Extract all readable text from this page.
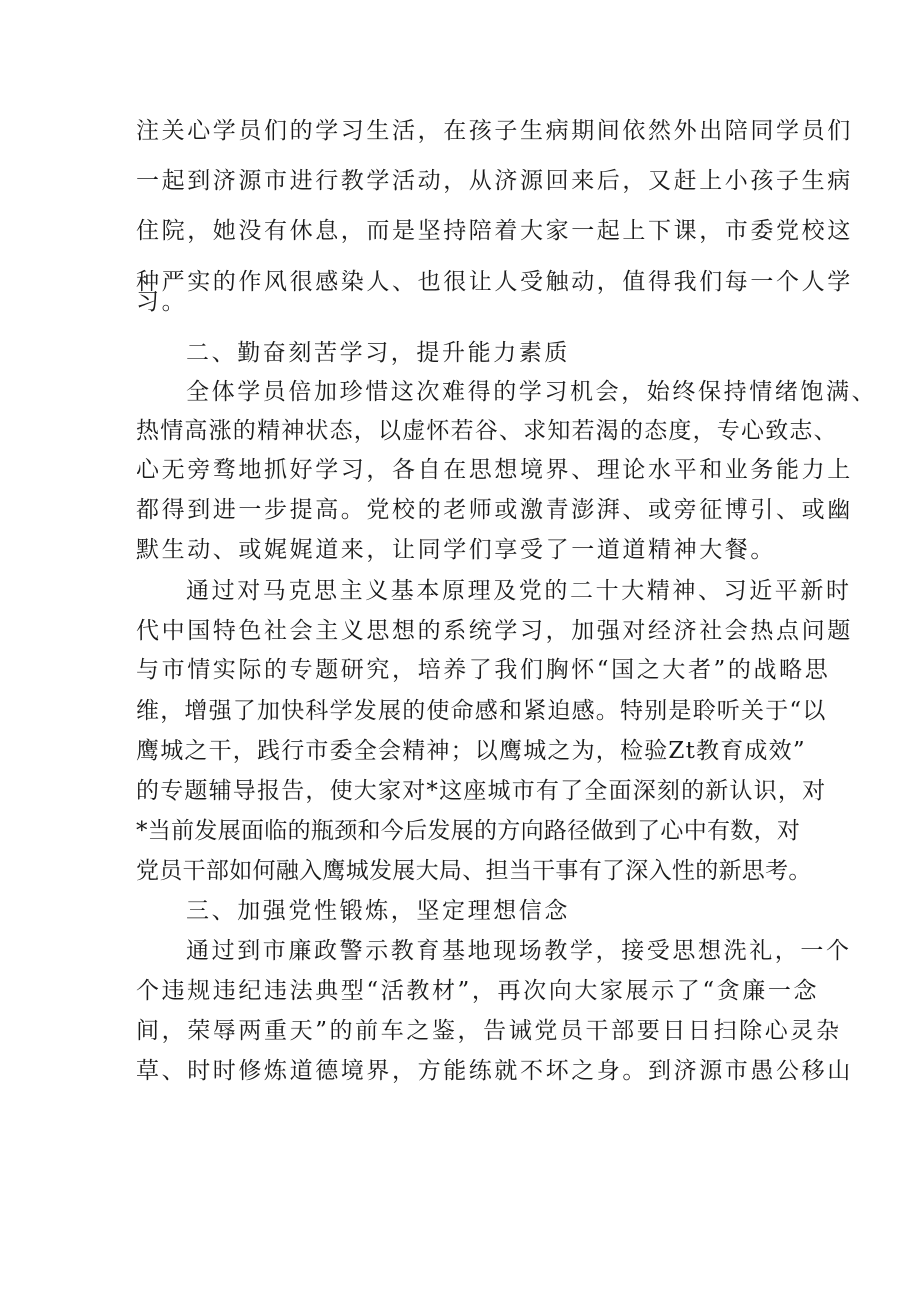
注关心学员们的学习生活，在孩子生病期间依然外出陪同学员们
一起到济源市进行教学活动，从济源回来后，又赶上小孩子生病
住院，她没有休息，而是坚持陪着大家一起上下课，市委党校这
种严实的作风很感染人、也很让人受触动，值得我们每一个人学
习。
二、勤奋刻苦学习，提升能力素质
全体学员倍加珍惜这次难得的学习机会，始终保持情绪饱满、
热情高涨的精神状态，以虚怀若谷、求知若渴的态度，专心致志、
心无旁骛地抓好学习，各自在思想境界、理论水平和业务能力上
都得到进一步提高。党校的老师或激青澎湃、或旁征博引、或幽
默生动、或娓娓道来，让同学们享受了一道道精神大餐。
通过对马克思主义基本原理及党的二十大精神、习近平新时
代中国特色社会主义思想的系统学习，加强对经济社会热点问题
与市情实际的专题研究，培养了我们胸怀“国之大者”的战略思
维，增强了加快科学发展的使命感和紧迫感。特别是聆听关于“以
鹰城之干，践行市委全会精神；以鹰城之为，检验Zt教育成效”
的专题辅导报告，使大家对*这座城市有了全面深刻的新认识，对
*当前发展面临的瓶颈和今后发展的方向路径做到了心中有数，对
党员干部如何融入鹰城发展大局、担当干事有了深入性的新思考。
三、加强党性锻炼，坚定理想信念
通过到市廉政警示教育基地现场教学，接受思想洗礼，一个
个违规违纪违法典型“活教材”，再次向大家展示了“贪廉一念
间，荣辱两重天”的前车之鉴，告诫党员干部要日日扫除心灵杂
草、时时修炼道德境界，方能练就不坏之身。到济源市愚公移山
